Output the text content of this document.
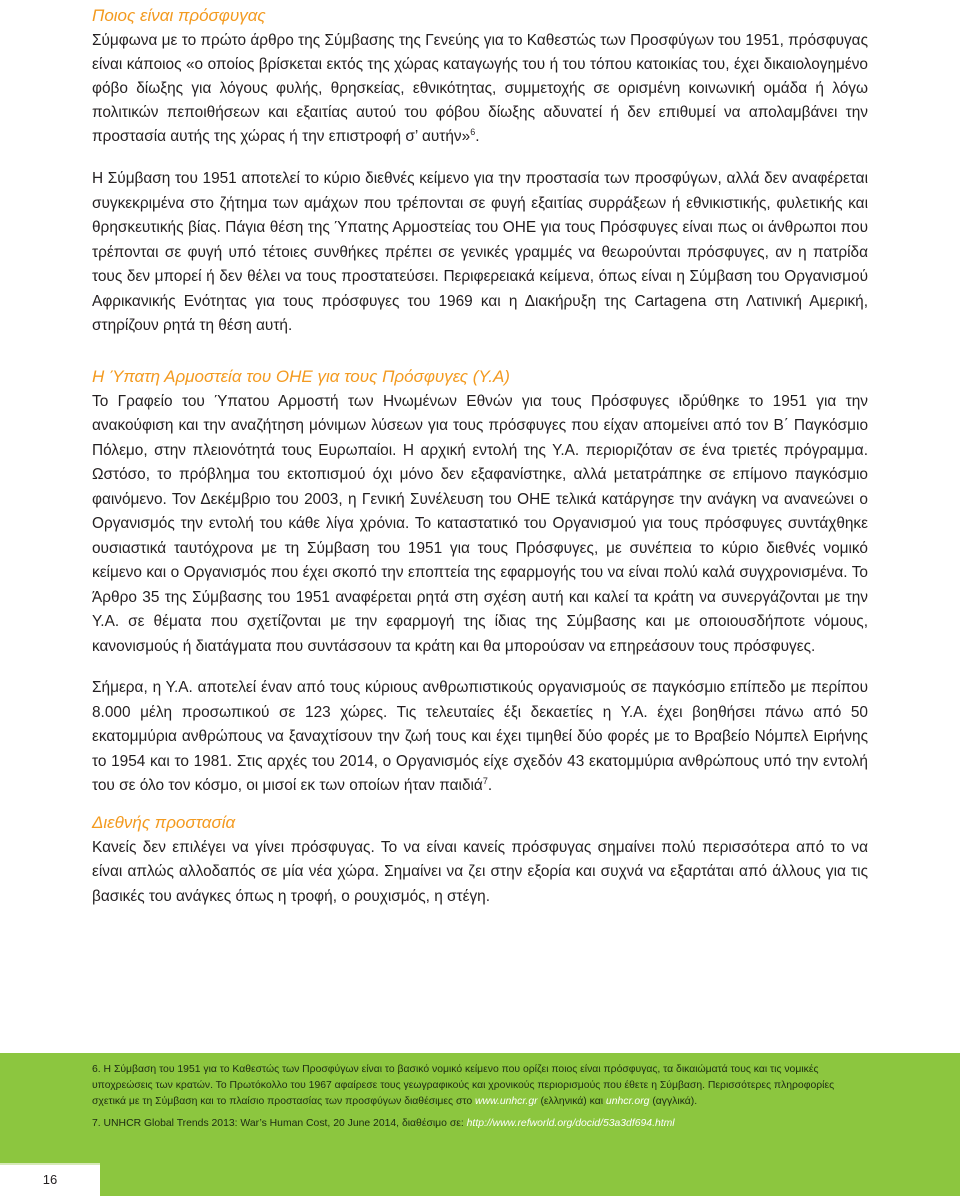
Ποιος είναι πρόσφυγας

Σύμφωνα με το πρώτο άρθρο της Σύμβασης της Γενεύης για το Καθεστώς των Προσφύγων του 1951, πρόσφυγας είναι κάποιος «ο οποίος βρίσκεται εκτός της χώρας καταγωγής του ή του τόπου κατοικίας του, έχει δικαιολογημένο φόβο δίωξης για λόγους φυλής, θρησκείας, εθνικότητας, συμμετοχής σε ορισμένη κοινωνική ομάδα ή λόγω πολιτικών πεποιθήσεων και εξαιτίας αυτού του φόβου δίωξης αδυνατεί ή δεν επιθυμεί να απολαμβάνει την προστασία αυτής της χώρας ή την επιστροφή σ’ αυτήν»$^6$.

Η Σύμβαση του 1951 αποτελεί το κύριο διεθνές κείμενο για την προστασία των προσφύγων, αλλά δεν αναφέρεται συγκεκριμένα στο ζήτημα των αμάχων που τρέπονται σε φυγή εξαιτίας συρράξεων ή εθνικιστικής, φυλετικής και θρησκευτικής βίας. Πάγια θέση της Ύπατης Αρμοστείας του ΟΗΕ για τους Πρόσφυγες είναι πως οι άνθρωποι που τρέπονται σε φυγή υπό τέτοιες συνθήκες πρέπει σε γενικές γραμμές να θεωρούνται πρόσφυγες, αν η πατρίδα τους δεν μπορεί ή δεν θέλει να τους προστατεύσει. Περιφερειακά κείμενα, όπως είναι η Σύμβαση του Οργανισμού Αφρικανικής Ενότητας για τους πρόσφυγες του 1969 και η Διακήρυξη της Cartagena στη Λατινική Αμερική, στηρίζουν ρητά τη θέση αυτή.

Η Ύπατη Αρμοστεία του ΟΗΕ για τους Πρόσφυγες (Υ.Α)

Το Γραφείο του Ύπατου Αρμοστή των Ηνωμένων Εθνών για τους Πρόσφυγες ιδρύθηκε το 1951 για την ανακούφιση και την αναζήτηση μόνιμων λύσεων για τους πρόσφυγες που είχαν απομείνει από τον Β΄ Παγκόσμιο Πόλεμο, στην πλειονότητά τους Ευρωπαίοι. Η αρχική εντολή της Υ.Α. περιοριζόταν σε ένα τριετές πρόγραμμα. Ωστόσο, το πρόβλημα του εκτοπισμού όχι μόνο δεν εξαφανίστηκε, αλλά μετατράπηκε σε επίμονο παγκόσμιο φαινόμενο. Τον Δεκέμβριο του 2003, η Γενική Συνέλευση του ΟΗΕ τελικά κατάργησε την ανάγκη να ανανεώνει ο Οργανισμός την εντολή του κάθε λίγα χρόνια. Το καταστατικό του Οργανισμού για τους πρόσφυγες συντάχθηκε ουσιαστικά ταυτόχρονα με τη Σύμβαση του 1951 για τους Πρόσφυγες, με συνέπεια το κύριο διεθνές νομικό κείμενο και ο Οργανισμός που έχει σκοπό την εποπτεία της εφαρμογής του να είναι πολύ καλά συγχρονισμένα. Το Άρθρο 35 της Σύμβασης του 1951 αναφέρεται ρητά στη σχέση αυτή και καλεί τα κράτη να συνεργάζονται με την Υ.Α. σε θέματα που σχετίζονται με την εφαρμογή της ίδιας της Σύμβασης και με οποιουσδήποτε νόμους, κανονισμούς ή διατάγματα που συντάσσουν τα κράτη και θα μπορούσαν να επηρεάσουν τους πρόσφυγες.

Σήμερα, η Υ.Α. αποτελεί έναν από τους κύριους ανθρωπιστικούς οργανισμούς σε παγκόσμιο επίπεδο με περίπου 8.000 μέλη προσωπικού σε 123 χώρες. Τις τελευταίες έξι δεκαετίες η Υ.Α. έχει βοηθήσει πάνω από 50 εκατομμύρια ανθρώπους να ξαναχτίσουν την ζωή τους και έχει τιμηθεί δύο φορές με το Βραβείο Νόμπελ Ειρήνης το 1954 και το 1981. Στις αρχές του 2014, ο Οργανισμός είχε σχεδόν 43 εκατομμύρια ανθρώπους υπό την εντολή του σε όλο τον κόσμο, οι μισοί εκ των οποίων ήταν παιδιά$^7$.

Διεθνής προστασία

Κανείς δεν επιλέγει να γίνει πρόσφυγας. Το να είναι κανείς πρόσφυγας σημαίνει πολύ περισσότερα από το να είναι απλώς αλλοδαπός σε μία νέα χώρα. Σημαίνει να ζει στην εξορία και συχνά να εξαρτάται από άλλους για τις βασικές του ανάγκες όπως η τροφή, ο ρουχισμός, η στέγη.

6. Η Σύμβαση του 1951 για το Καθεστώς των Προσφύγων είναι το βασικό νομικό κείμενο που ορίζει ποιος είναι πρόσφυγας, τα δικαιώματά τους και τις νομικές υποχρεώσεις των κρατών. Το Πρωτόκολλο του 1967 αφαίρεσε τους γεωγραφικούς και χρονικούς περιορισμούς που έθετε η Σύμβαση. Περισσότερες πληροφορίες σχετικά με τη Σύμβαση και το πλαίσιο προστασίας των προσφύγων διαθέσιμες στο www.unhcr.gr (ελληνικά) και unhcr.org (αγγλικά).

7. UNHCR Global Trends 2013: War’s Human Cost, 20 June 2014, διαθέσιμο σε: http://www.refworld.org/docid/53a3df694.html

16
